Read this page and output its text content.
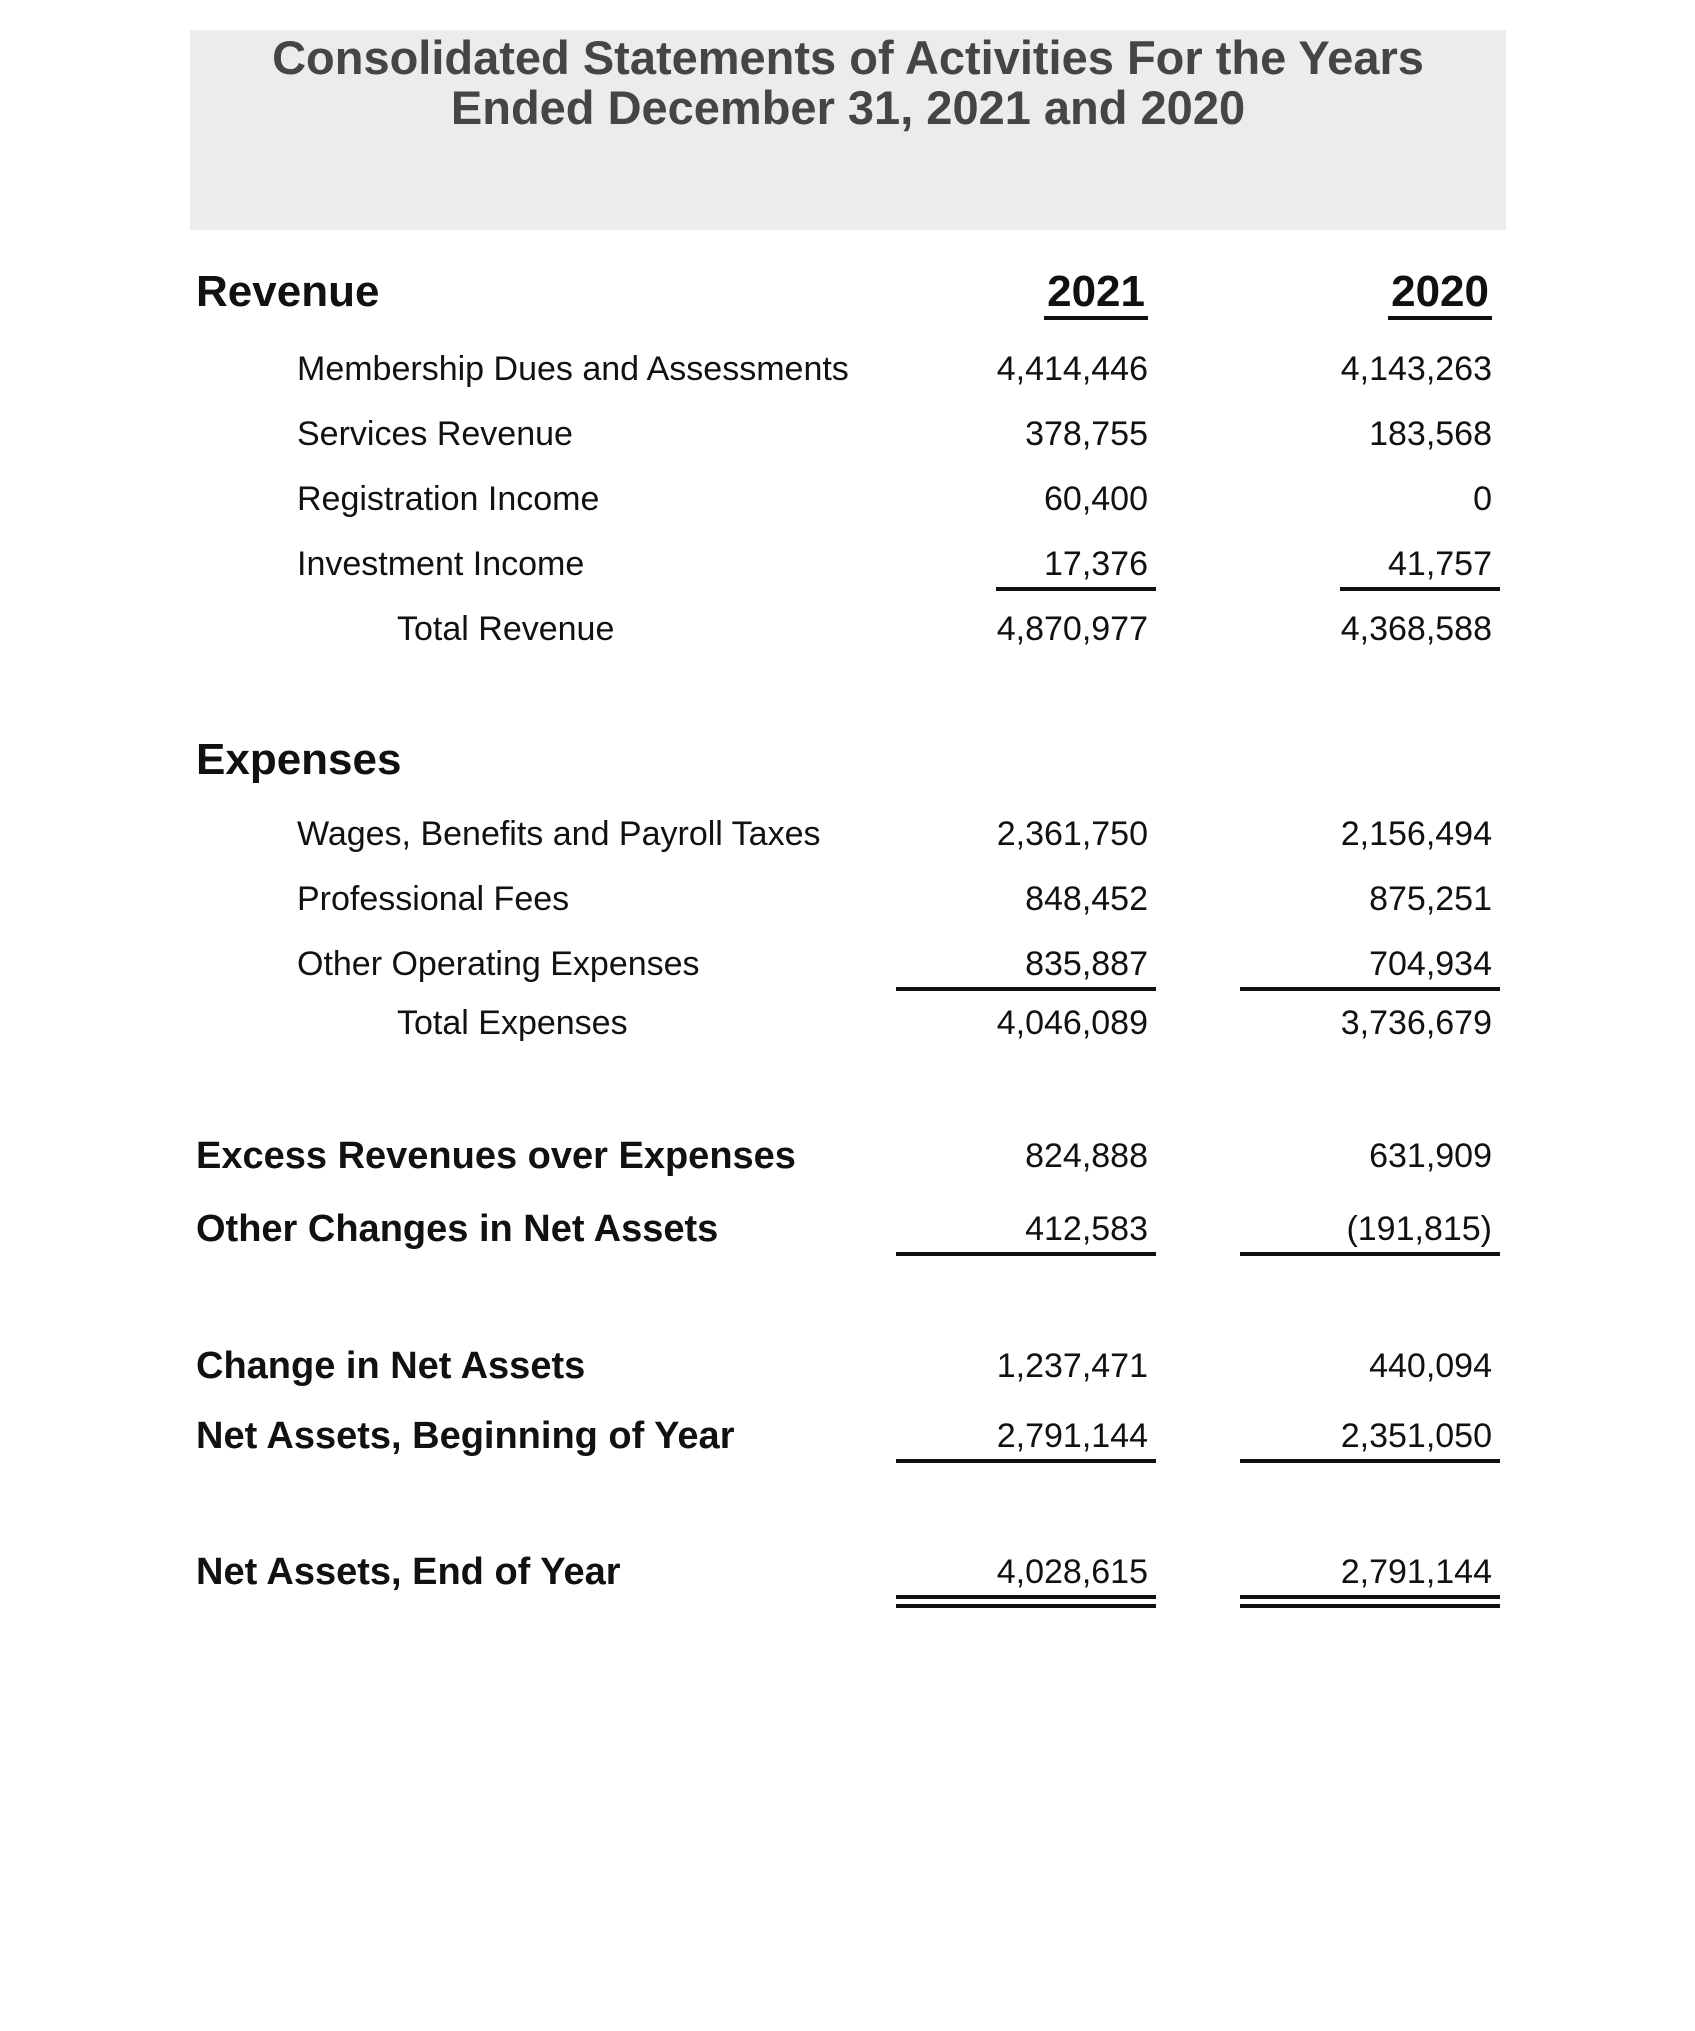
Consolidated Statements of Activities For the Years
Ended December 31, 2021 and 2020
Revenue	2021	2020
Membership Dues and Assessments	4,414,446	4,143,263
Services Revenue	378,755	183,568
Registration Income	60,400	0
Investment Income	17,376	41,757
Total Revenue	4,870,977	4,368,588
Expenses
Wages, Benefits and Payroll Taxes	2,361,750	2,156,494
Professional Fees	848,452	875,251
Other Operating Expenses	835,887	704,934
Total Expenses	4,046,089	3,736,679
Excess Revenues over Expenses	824,888	631,909
Other Changes in Net Assets	412,583	(191,815)
Change in Net Assets	1,237,471	440,094
Net Assets, Beginning of Year	2,791,144	2,351,050
Net Assets, End of Year	4,028,615	2,791,144
